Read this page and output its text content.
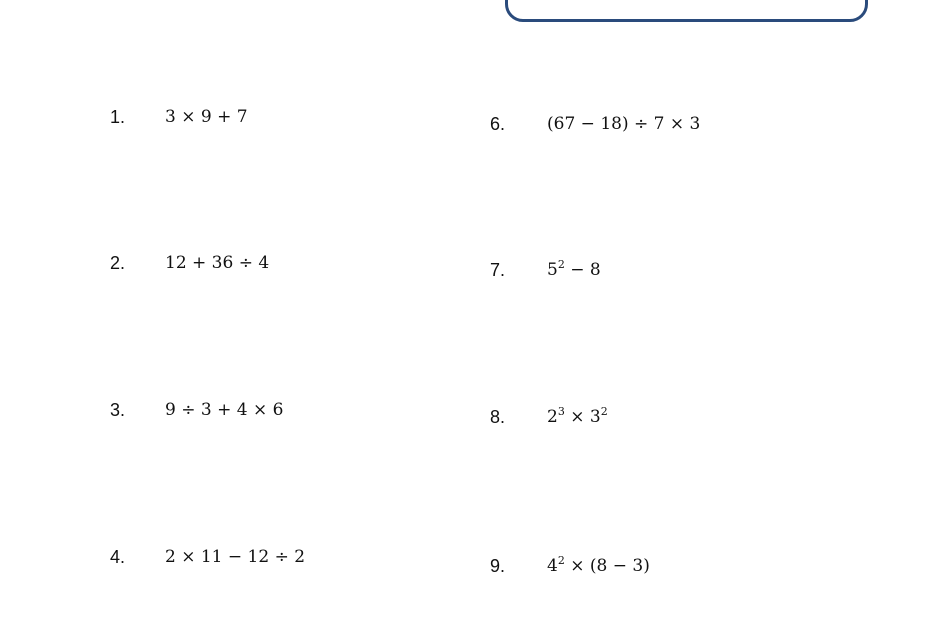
1. 3 × 9 + 7
2. 12 + 36 ÷ 4
3. 9 ÷ 3 + 4 × 6
4. 2 × 11 − 12 ÷ 2
6. (67 − 18) ÷ 7 × 3
7. $5^2 - 8$
8. $2^3 \times 3^2$
9. $4^2 \times (8 - 3)$
